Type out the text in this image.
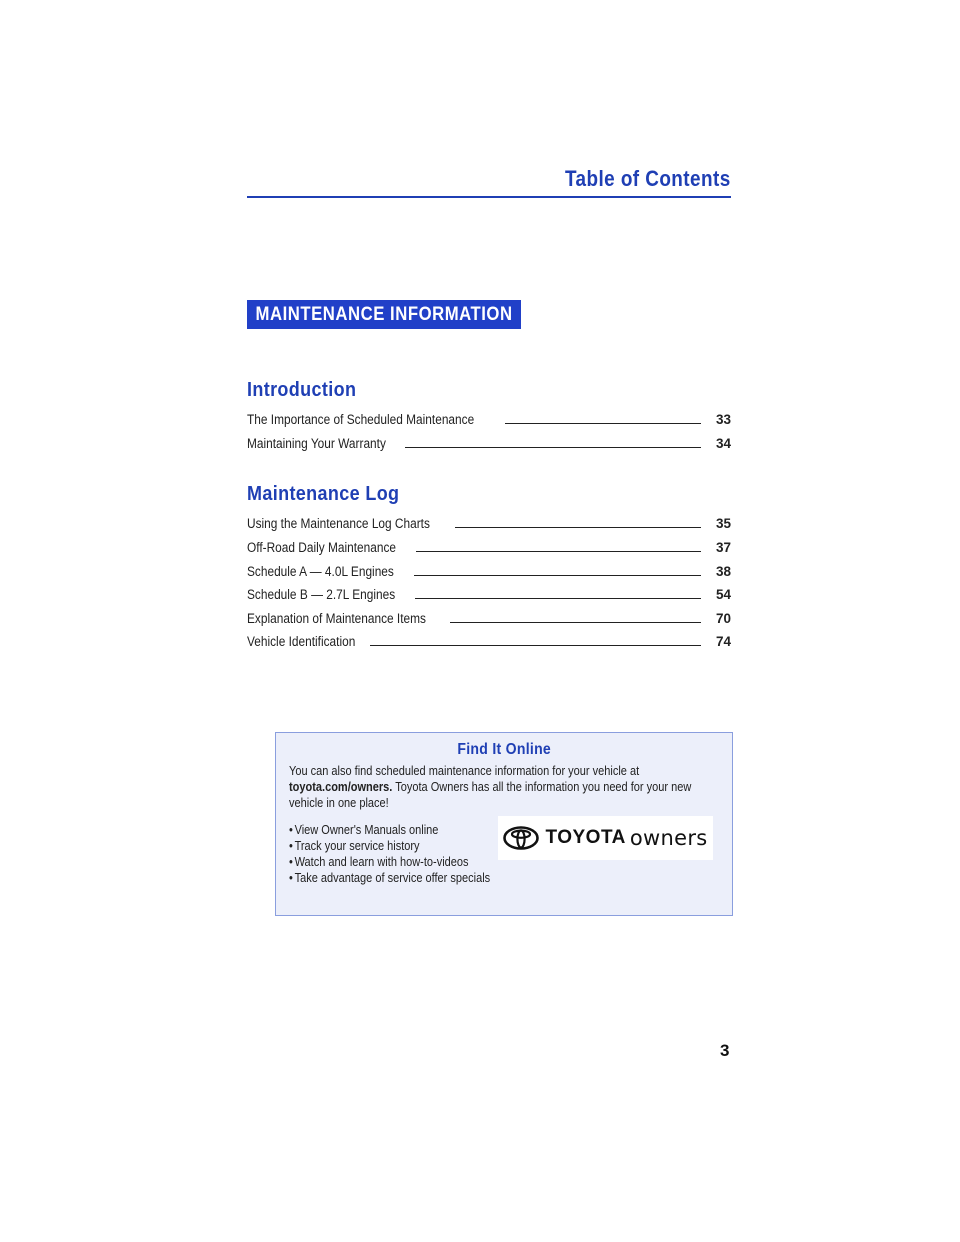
Table of Contents
MAINTENANCE INFORMATION
Introduction
The Importance of Scheduled Maintenance	33
Maintaining Your Warranty	34
Maintenance Log
Using the Maintenance Log Charts	35
Off-Road Daily Maintenance	37
Schedule A — 4.0L Engines	38
Schedule B — 2.7L Engines	54
Explanation of Maintenance Items	70
Vehicle Identification	74
Find It Online
You can also find scheduled maintenance information for your vehicle at
toyota.com/owners. Toyota Owners has all the information you need for your new vehicle in one place!
• View Owner's Manuals online
• Track your service history
• Watch and learn with how-to-videos
• Take advantage of service offer specials
TOYOTA owners
3
